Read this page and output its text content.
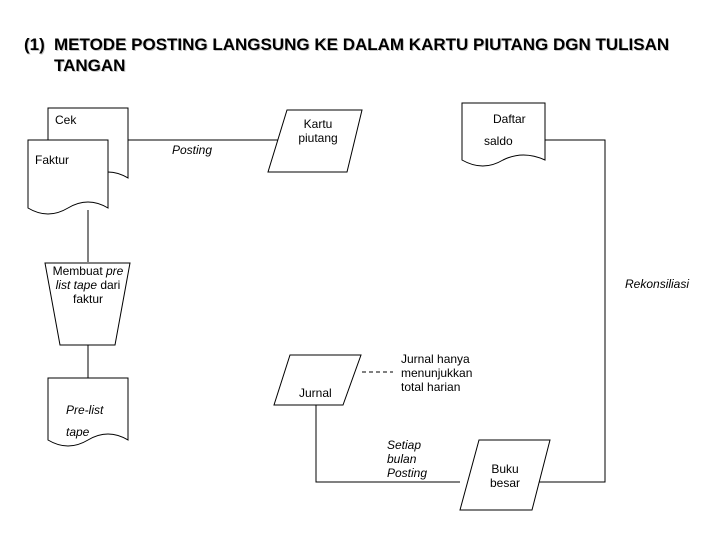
(1) METODE POSTING LANGSUNG KE DALAM KARTU PIUTANG DGN TULISAN
TANGAN
Cek
Faktur
Kartu
piutang
Daftar
saldo
Posting
Membuat pre
list tape dari
faktur
Rekonsiliasi
Jurnal
Jurnal hanya
menunjukkan
total harian
Pre-list
tape
Setiap
bulan
Posting	Buku
besar
